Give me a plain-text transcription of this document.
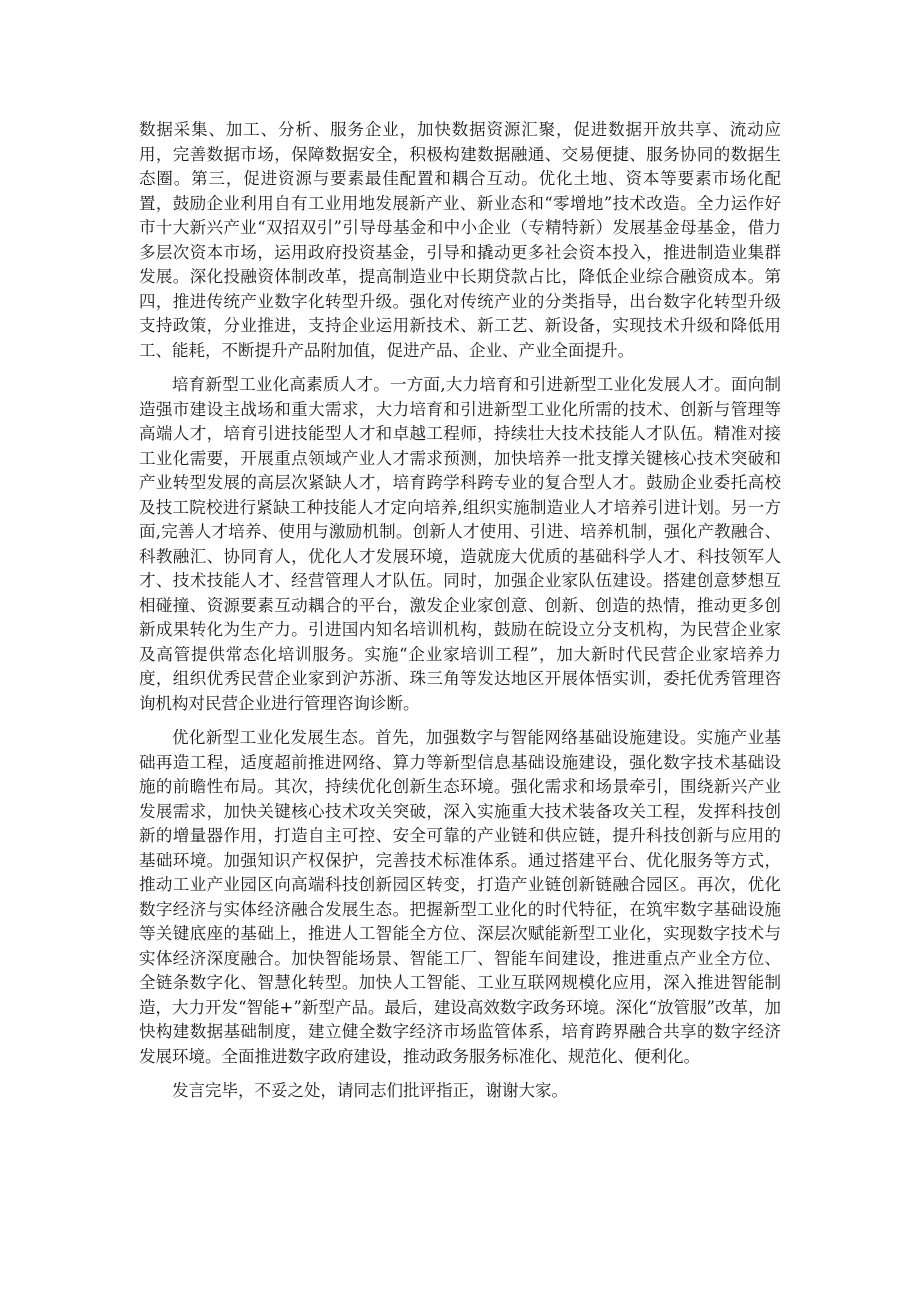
数据采集、加工、分析、服务企业，加快数据资源汇聚，促进数据开放共享、流动应用，完善数据市场，保障数据安全，积极构建数据融通、交易便捷、服务协同的数据生态圈。第三，促进资源与要素最佳配置和耦合互动。优化土地、资本等要素市场化配置，鼓励企业利用自有工业用地发展新产业、新业态和“零增地”技术改造。全力运作好市十大新兴产业“双招双引”引导母基金和中小企业（专精特新）发展基金母基金，借力多层次资本市场，运用政府投资基金，引导和撬动更多社会资本投入，推进制造业集群发展。深化投融资体制改革，提高制造业中长期贷款占比，降低企业综合融资成本。第四，推进传统产业数字化转型升级。强化对传统产业的分类指导，出台数字化转型升级支持政策，分业推进，支持企业运用新技术、新工艺、新设备，实现技术升级和降低用工、能耗，不断提升产品附加值，促进产品、企业、产业全面提升。

培育新型工业化高素质人才。一方面,大力培育和引进新型工业化发展人才。面向制造强市建设主战场和重大需求，大力培育和引进新型工业化所需的技术、创新与管理等高端人才，培育引进技能型人才和卓越工程师，持续壮大技术技能人才队伍。精准对接工业化需要，开展重点领域产业人才需求预测，加快培养一批支撑关键核心技术突破和产业转型发展的高层次紧缺人才，培育跨学科跨专业的复合型人才。鼓励企业委托高校及技工院校进行紧缺工种技能人才定向培养,组织实施制造业人才培养引进计划。另一方面,完善人才培养、使用与激励机制。创新人才使用、引进、培养机制，强化产教融合、科教融汇、协同育人，优化人才发展环境，造就庞大优质的基础科学人才、科技领军人才、技术技能人才、经营管理人才队伍。同时，加强企业家队伍建设。搭建创意梦想互相碰撞、资源要素互动耦合的平台，激发企业家创意、创新、创造的热情，推动更多创新成果转化为生产力。引进国内知名培训机构，鼓励在皖设立分支机构，为民营企业家及高管提供常态化培训服务。实施“企业家培训工程”，加大新时代民营企业家培养力度，组织优秀民营企业家到沪苏浙、珠三角等发达地区开展体悟实训，委托优秀管理咨询机构对民营企业进行管理咨询诊断。

优化新型工业化发展生态。首先，加强数字与智能网络基础设施建设。实施产业基础再造工程，适度超前推进网络、算力等新型信息基础设施建设，强化数字技术基础设施的前瞻性布局。其次，持续优化创新生态环境。强化需求和场景牵引，围绕新兴产业发展需求，加快关键核心技术攻关突破，深入实施重大技术装备攻关工程，发挥科技创新的增量器作用，打造自主可控、安全可靠的产业链和供应链，提升科技创新与应用的基础环境。加强知识产权保护，完善技术标准体系。通过搭建平台、优化服务等方式，推动工业产业园区向高端科技创新园区转变，打造产业链创新链融合园区。再次，优化数字经济与实体经济融合发展生态。把握新型工业化的时代特征，在筑牢数字基础设施等关键底座的基础上，推进人工智能全方位、深层次赋能新型工业化，实现数字技术与实体经济深度融合。加快智能场景、智能工厂、智能车间建设，推进重点产业全方位、全链条数字化、智慧化转型。加快人工智能、工业互联网规模化应用，深入推进智能制造，大力开发“智能+”新型产品。最后，建设高效数字政务环境。深化“放管服”改革，加快构建数据基础制度，建立健全数字经济市场监管体系，培育跨界融合共享的数字经济发展环境。全面推进数字政府建设，推动政务服务标准化、规范化、便利化。

发言完毕，不妥之处，请同志们批评指正，谢谢大家。
